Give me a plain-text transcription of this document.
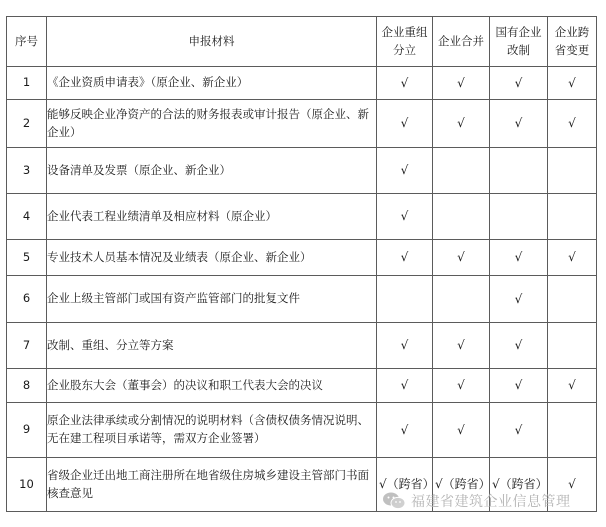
序号	申报材料	企业重组分立	企业合并	国有企业改制	企业跨省变更
1	《企业资质申请表》（原企业、新企业）	√	√	√	√
2	能够反映企业净资产的合法的财务报表或审计报告（原企业、新企业）	√	√	√	√
3	设备清单及发票（原企业、新企业）	√			
4	企业代表工程业绩清单及相应材料（原企业）	√			
5	专业技术人员基本情况及业绩表（原企业、新企业）	√	√	√	√
6	企业上级主管部门或国有资产监管部门的批复文件			√	
7	改制、重组、分立等方案	√	√	√	
8	企业股东大会（董事会）的决议和职工代表大会的决议	√	√	√	√
9	原企业法律承续或分割情况的说明材料（含债权债务情况说明、无在建工程项目承诺等，需双方企业签署）	√	√	√	
10	省级企业迁出地工商注册所在地省级住房城乡建设主管部门书面核查意见	√（跨省）	√（跨省）	√（跨省）	√
福建省建筑企业信息管理
